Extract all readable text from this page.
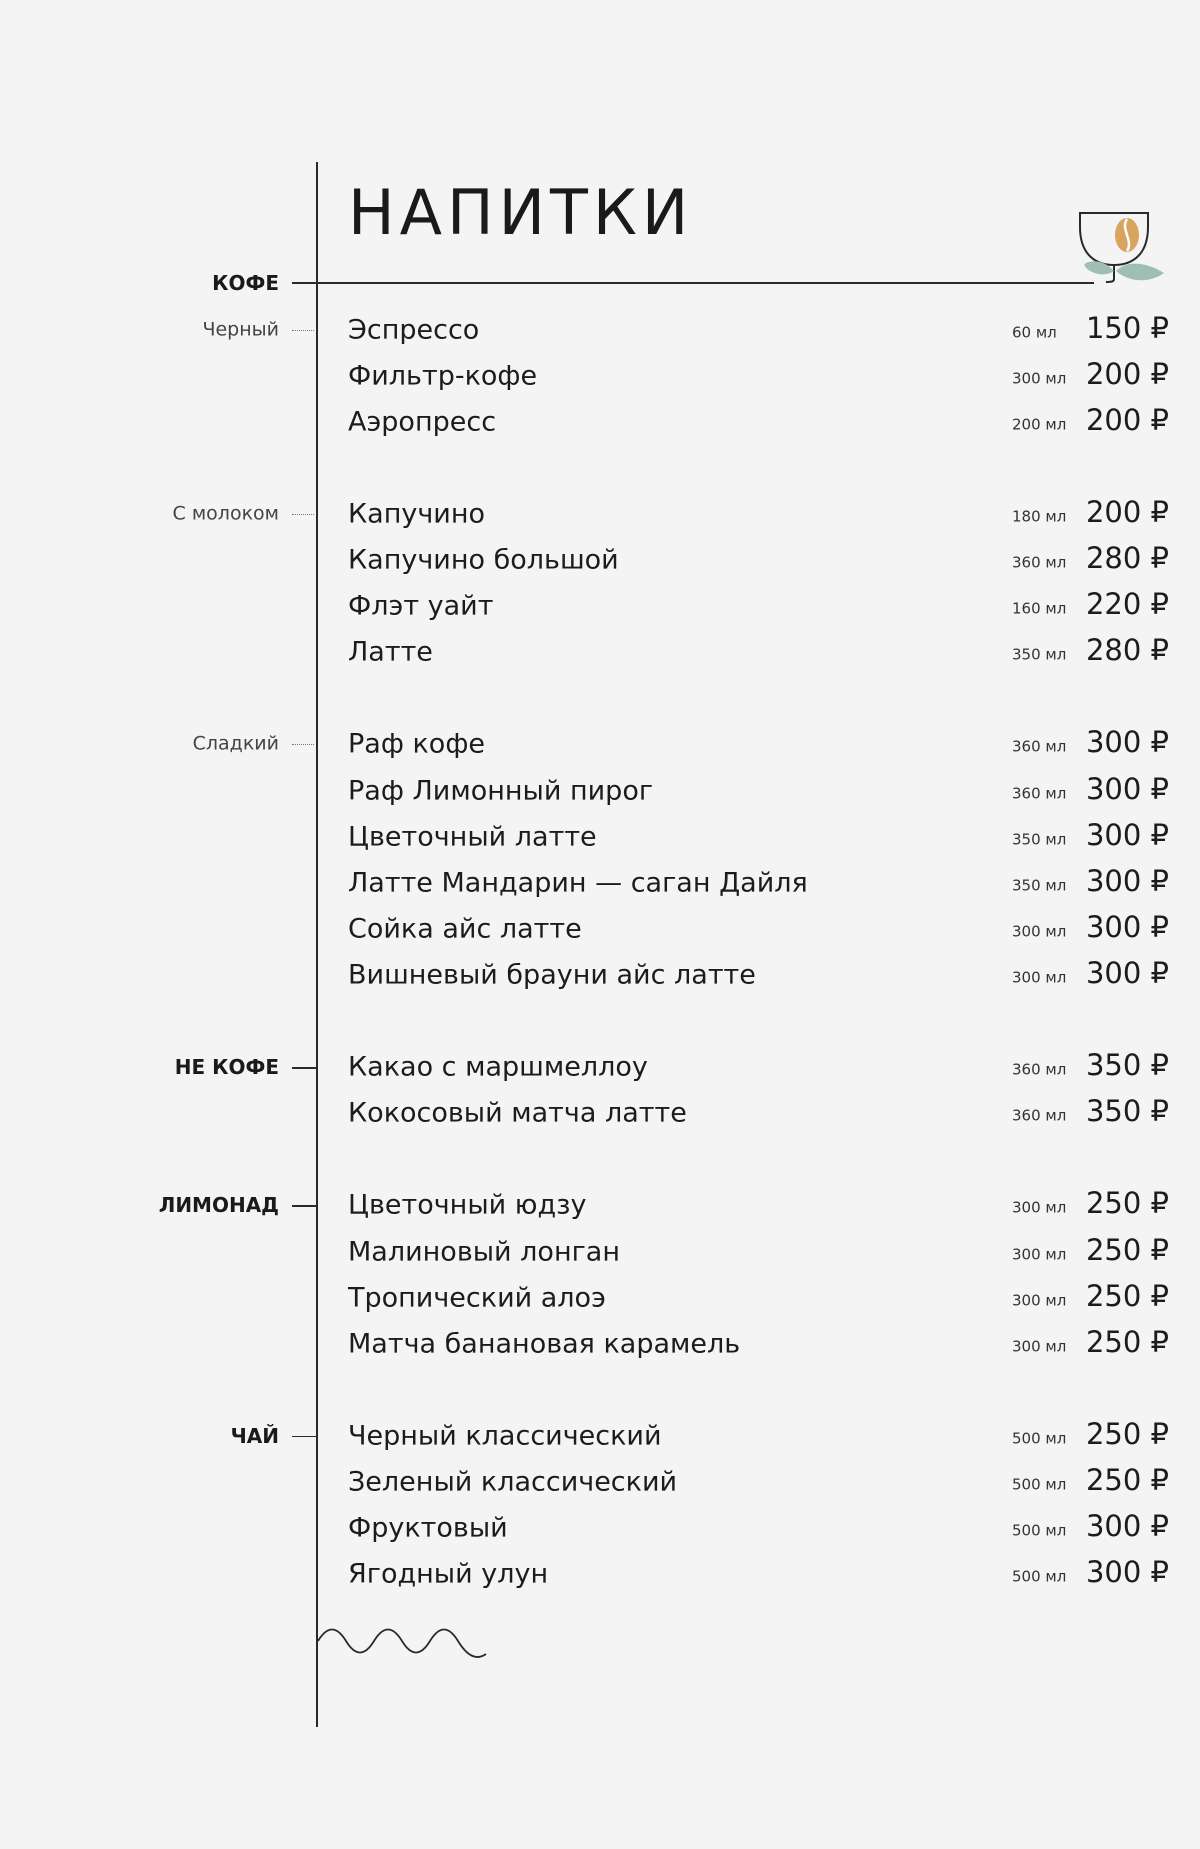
НАПИТКИ
КОФЕ
Черный	Эспрессо	60 мл 150 ₽
Фильтр-кофе	300 мл 200 ₽
Аэропресс	200 мл 200 ₽
С молоком	Капучино	180 мл 200 ₽
Капучино большой	360 мл 280 ₽
Флэт уайт	160 мл 220 ₽
Латте	350 мл 280 ₽
Сладкий	Раф кофе	360 мл 300 ₽
Раф Лимонный пирог	360 мл 300 ₽
Цветочный латте	350 мл 300 ₽
Латте Мандарин — саган Дайля	350 мл 300 ₽
Сойка айс латте	300 мл 300 ₽
Вишневый брауни айс латте	300 мл 300 ₽
НЕ КОФЕ	Какао с маршмеллоу	360 мл 350 ₽
Кокосовый матча латте	360 мл 350 ₽
ЛИМОНАД	Цветочный юдзу	300 мл 250 ₽
Малиновый лонган	300 мл 250 ₽
Тропический алоэ	300 мл 250 ₽
Матча банановая карамель	300 мл 250 ₽
ЧАЙ	Черный классический	500 мл 250 ₽
Зеленый классический	500 мл 250 ₽
Фруктовый	500 мл 300 ₽
Ягодный улун	500 мл 300 ₽
